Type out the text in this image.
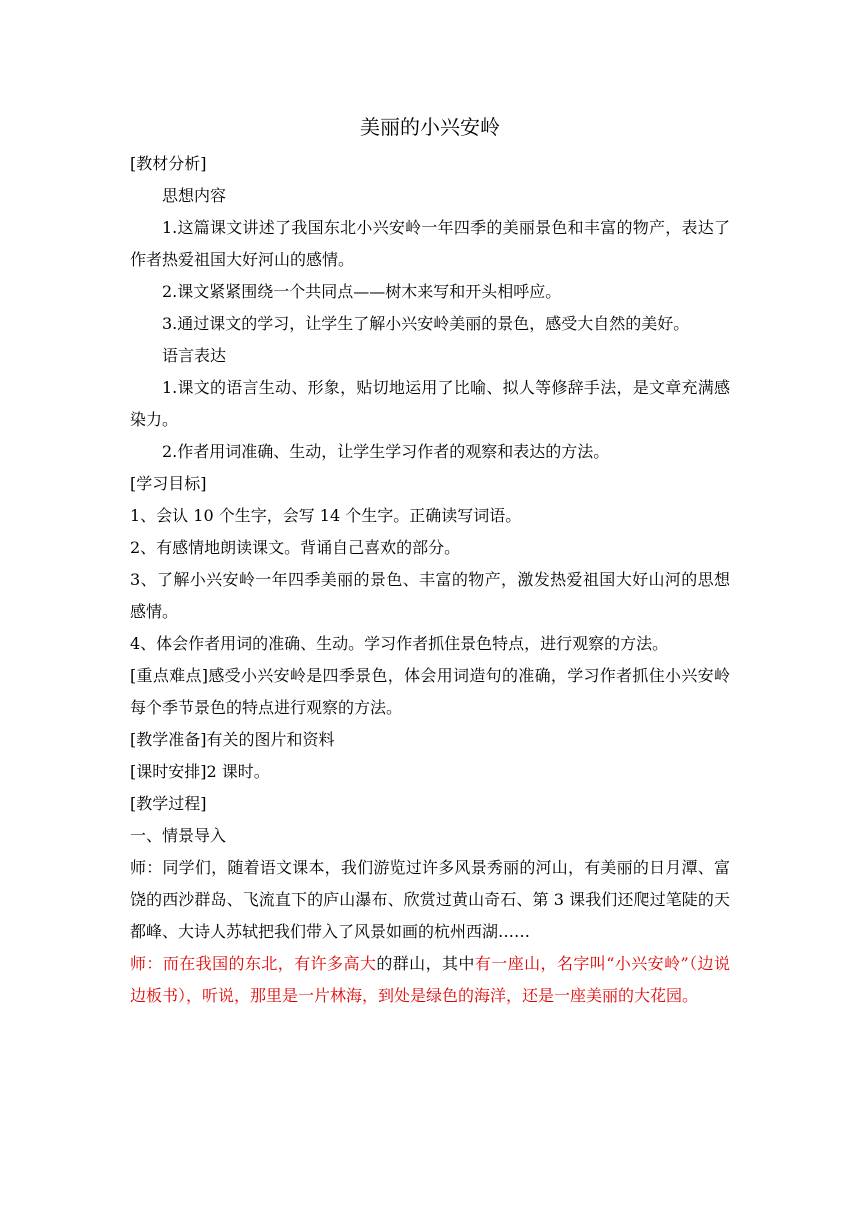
美丽的小兴安岭

[教材分析]

思想内容

1.这篇课文讲述了我国东北小兴安岭一年四季的美丽景色和丰富的物产，表达了作者热爱祖国大好河山的感情。

2.课文紧紧围绕一个共同点——树木来写和开头相呼应。

3.通过课文的学习，让学生了解小兴安岭美丽的景色，感受大自然的美好。

语言表达

1.课文的语言生动、形象，贴切地运用了比喻、拟人等修辞手法，是文章充满感染力。

2.作者用词准确、生动，让学生学习作者的观察和表达的方法。

[学习目标]

1、会认 10 个生字，会写 14 个生字。正确读写词语。

2、有感情地朗读课文。背诵自己喜欢的部分。

3、了解小兴安岭一年四季美丽的景色、丰富的物产，激发热爱祖国大好山河的思想感情。

4、体会作者用词的准确、生动。学习作者抓住景色特点，进行观察的方法。

[重点难点]感受小兴安岭是四季景色，体会用词造句的准确，学习作者抓住小兴安岭每个季节景色的特点进行观察的方法。

[教学准备]有关的图片和资料

[课时安排]2 课时。

[教学过程]

一、情景导入

师：同学们，随着语文课本，我们游览过许多风景秀丽的河山，有美丽的日月潭、富饶的西沙群岛、飞流直下的庐山瀑布、欣赏过黄山奇石、第 3 课我们还爬过笔陡的天都峰、大诗人苏轼把我们带入了风景如画的杭州西湖……

师：而在我国的东北，有许多高大的群山，其中有一座山，名字叫“小兴安岭”（边说边板书），听说，那里是一片林海，到处是绿色的海洋，还是一座美丽的大花园。
